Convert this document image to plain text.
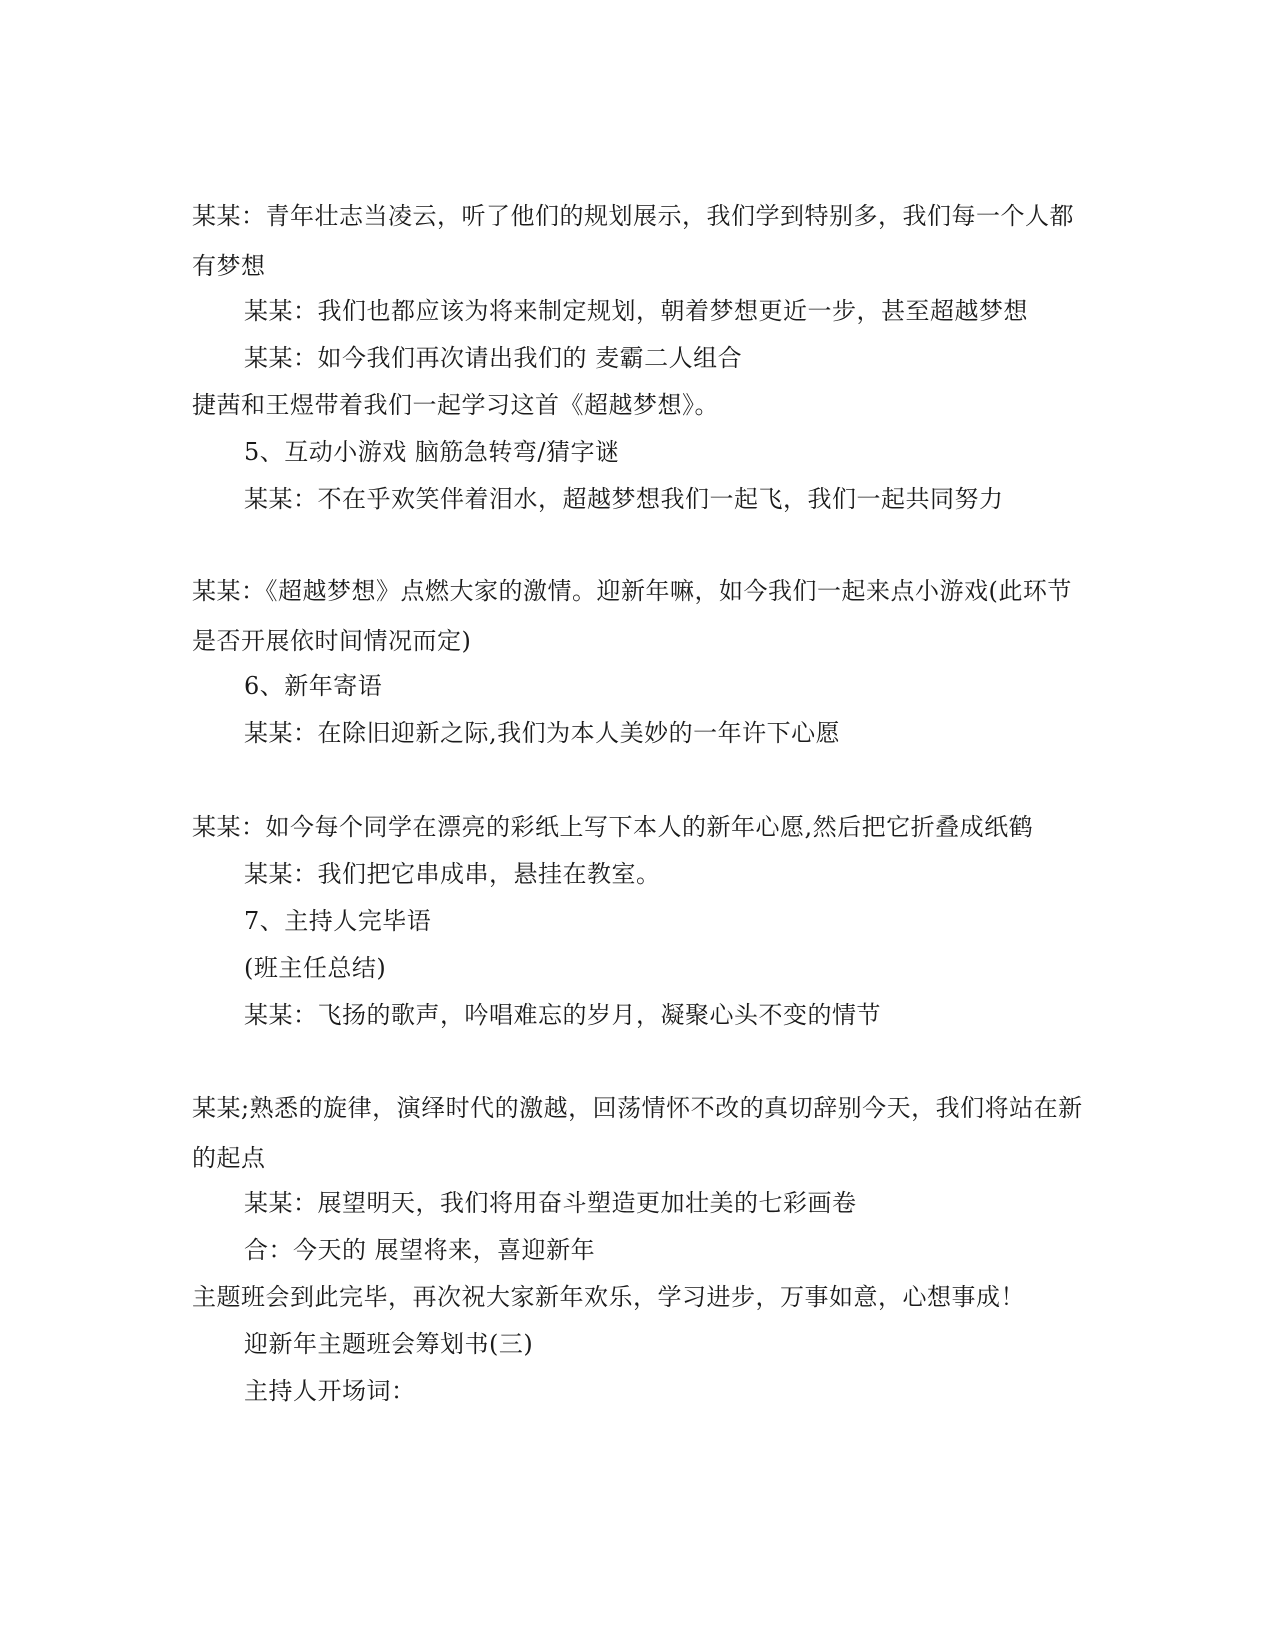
某某：青年壮志当凌云，听了他们的规划展示，我们学到特别多，我们每一个人都有梦想

某某：我们也都应该为将来制定规划，朝着梦想更近一步，甚至超越梦想

某某：如今我们再次请出我们的 麦霸二人组合

捷茜和王煜带着我们一起学习这首《超越梦想》。

5、互动小游戏 脑筋急转弯/猜字谜

某某：不在乎欢笑伴着泪水，超越梦想我们一起飞，我们一起共同努力

某某：《超越梦想》点燃大家的激情。迎新年嘛，如今我们一起来点小游戏(此环节是否开展依时间情况而定)

6、新年寄语

某某：在除旧迎新之际,我们为本人美妙的一年许下心愿

某某：如今每个同学在漂亮的彩纸上写下本人的新年心愿,然后把它折叠成纸鹤

某某：我们把它串成串，悬挂在教室。

7、主持人完毕语

(班主任总结)

某某：飞扬的歌声，吟唱难忘的岁月，凝聚心头不变的情节

某某;熟悉的旋律，演绎时代的激越，回荡情怀不改的真切辞别今天，我们将站在新的起点

某某：展望明天，我们将用奋斗塑造更加壮美的七彩画卷

合：今天的 展望将来，喜迎新年

主题班会到此完毕，再次祝大家新年欢乐，学习进步，万事如意，心想事成！

迎新年主题班会筹划书(三)

主持人开场词：
